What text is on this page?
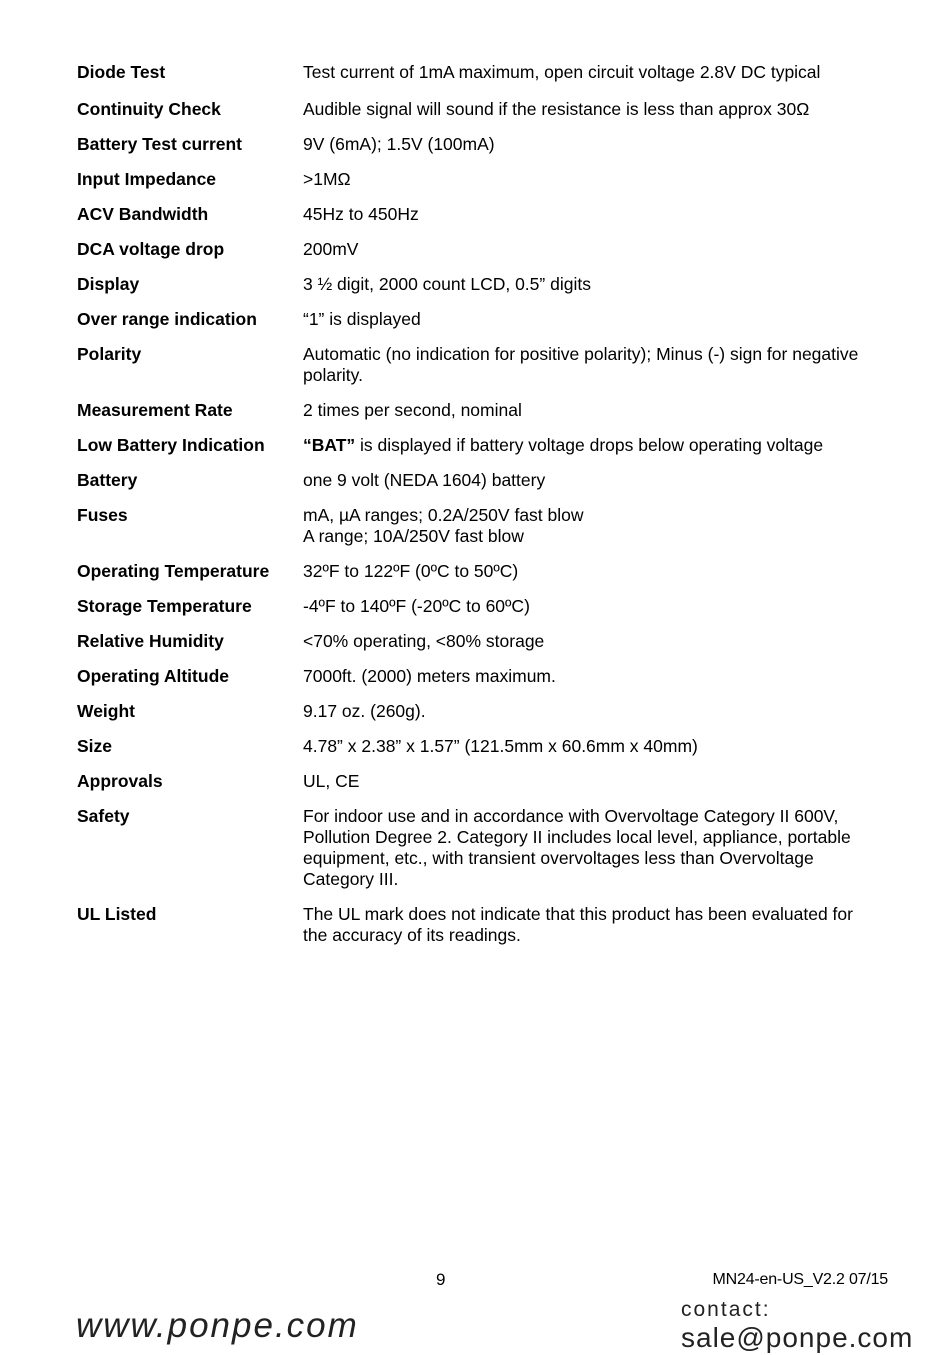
Diode Test	Test current of 1mA maximum, open circuit voltage 2.8V DC typical
Continuity Check	Audible signal will sound if the resistance is less than approx 30Ω
Battery Test current	9V (6mA); 1.5V (100mA)
Input Impedance	>1MΩ
ACV Bandwidth	45Hz to 450Hz
DCA voltage drop	200mV
Display	3 ½ digit, 2000 count LCD, 0.5” digits
Over range indication	“1” is displayed
Polarity	Automatic (no indication for positive polarity); Minus (-) sign for negative
polarity.
Measurement Rate	2 times per second, nominal
Low Battery Indication	“BAT” is displayed if battery voltage drops below operating voltage
Battery	one 9 volt (NEDA 1604) battery
Fuses	mA, µA ranges; 0.2A/250V fast blow
A range; 10A/250V fast blow
Operating Temperature	32ºF to 122ºF (0ºC to 50ºC)
Storage Temperature	-4ºF to 140ºF (-20ºC to 60ºC)
Relative Humidity	<70% operating, <80% storage
Operating Altitude	7000ft. (2000) meters maximum.
Weight	9.17 oz. (260g).
Size	4.78” x 2.38” x 1.57” (121.5mm x 60.6mm x 40mm)
Approvals	UL, CE
Safety	For indoor use and in accordance with Overvoltage Category II 600V,
Pollution Degree 2. Category II includes local level, appliance, portable
equipment, etc., with transient overvoltages less than Overvoltage
Category III.
UL Listed	The UL mark does not indicate that this product has been evaluated for
the accuracy of its readings.
9	MN24-en-US_V2.2 07/15
www.ponpe.com	contact:
sale@ponpe.com
